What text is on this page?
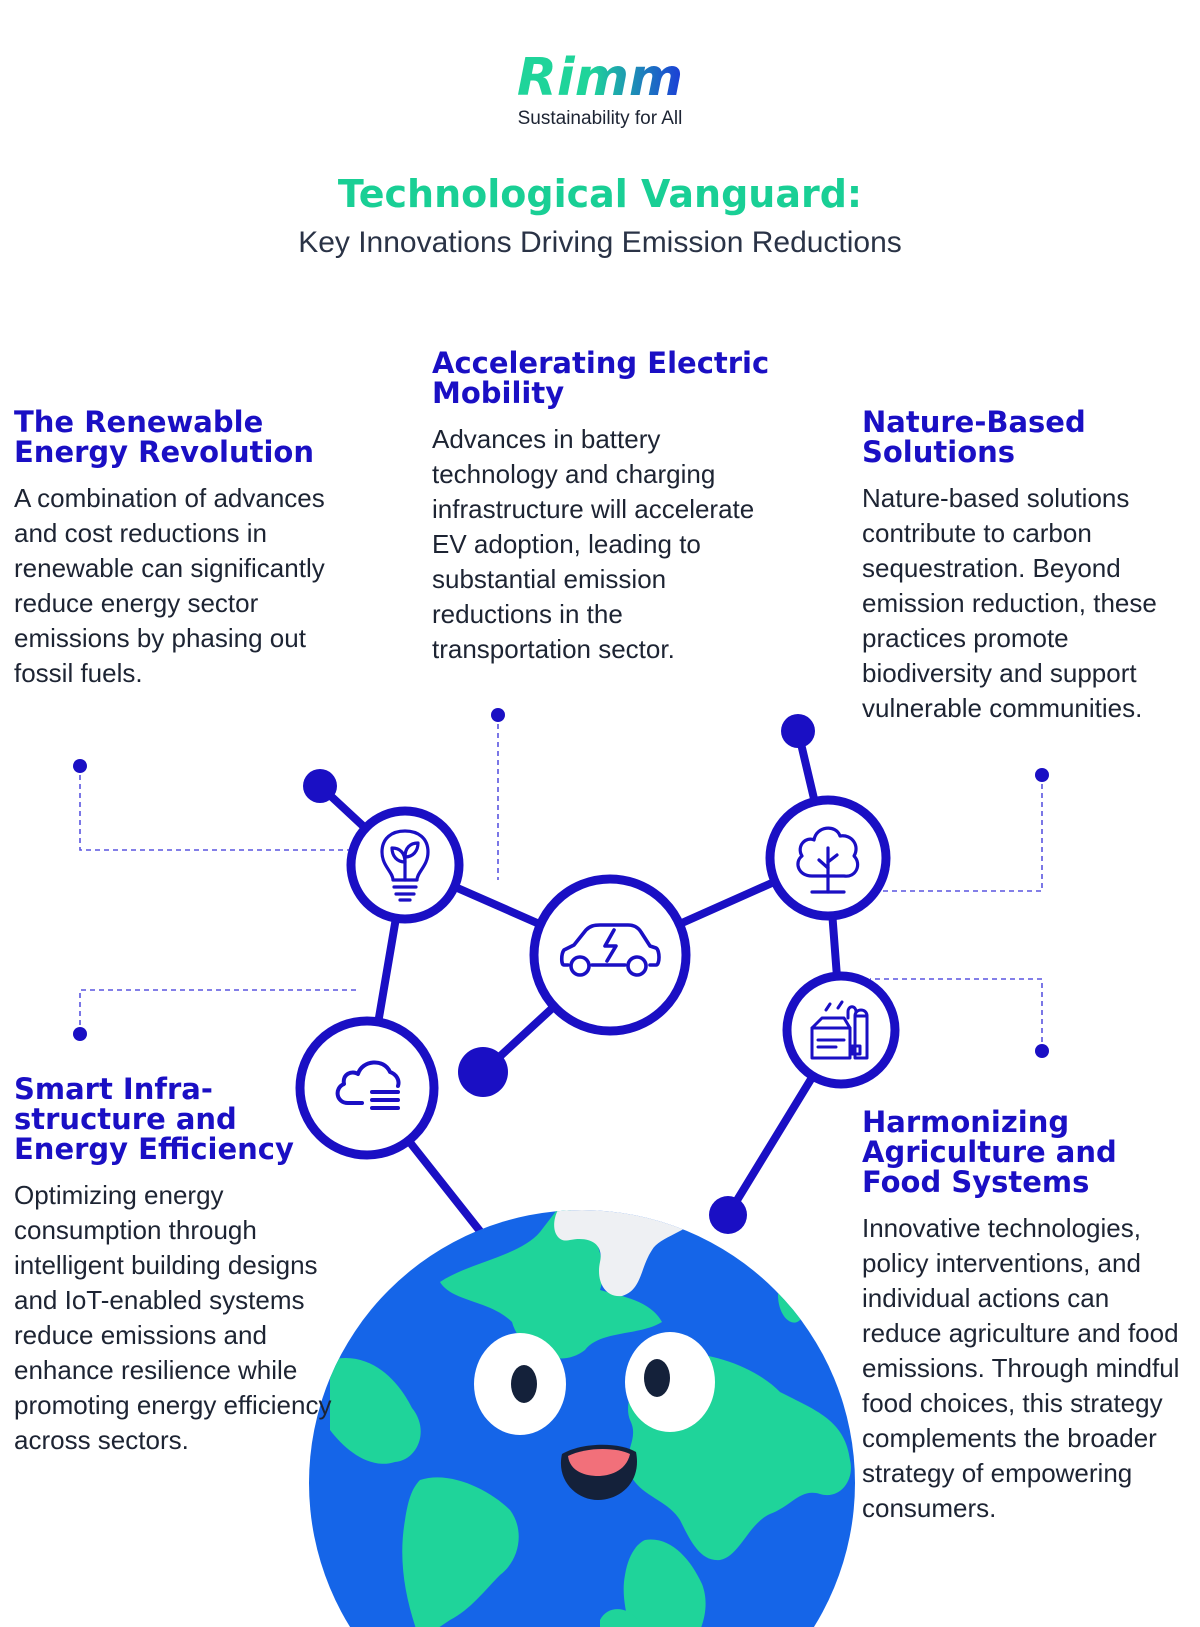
Rimm
Sustainability for All
Technological Vanguard:
Key Innovations Driving Emission Reductions
The Renewable Energy Revolution

A combination of advances and cost reductions in renewable can significantly reduce energy sector emissions by phasing out fossil fuels.

Accelerating Electric Mobility

Advances in battery technology and charging infrastructure will accelerate EV adoption, leading to substantial emission reductions in the transportation sector.

Nature-Based Solutions

Nature-based solutions contribute to carbon sequestration. Beyond emission reduction, these practices promote biodiversity and support vulnerable communities.

Smart Infra-structure and Energy Efficiency

Optimizing energy consumption through intelligent building designs and IoT-enabled systems reduce emissions and enhance resilience while promoting energy efficiency across sectors.

Harmonizing Agriculture and Food Systems

Innovative technologies, policy interventions, and individual actions can reduce agriculture and food emissions. Through mindful food choices, this strategy complements the broader strategy of empowering consumers.
